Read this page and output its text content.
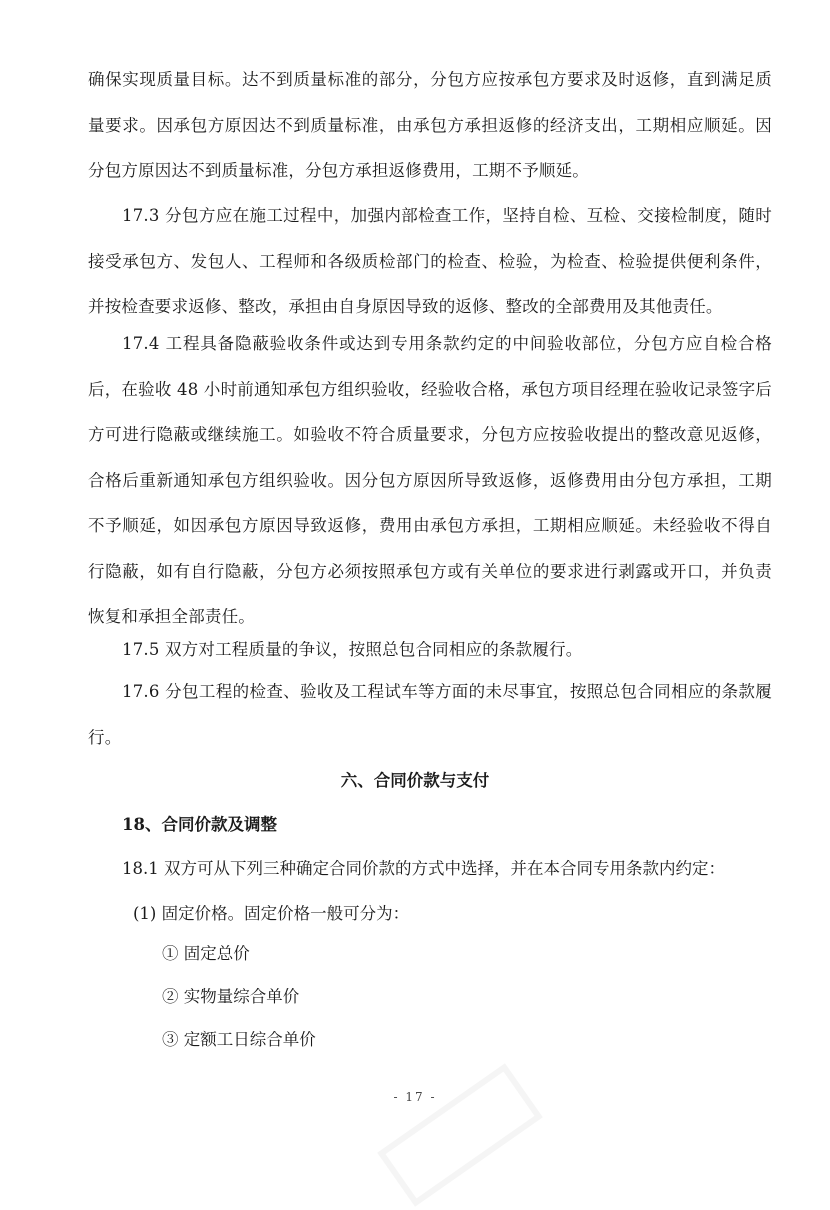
确保实现质量目标。达不到质量标准的部分，分包方应按承包方要求及时返修，直到满足质量要求。因承包方原因达不到质量标准，由承包方承担返修的经济支出，工期相应顺延。因分包方原因达不到质量标准，分包方承担返修费用，工期不予顺延。

17.3 分包方应在施工过程中，加强内部检查工作，坚持自检、互检、交接检制度，随时接受承包方、发包人、工程师和各级质检部门的检查、检验，为检查、检验提供便利条件，并按检查要求返修、整改，承担由自身原因导致的返修、整改的全部费用及其他责任。

17.4 工程具备隐蔽验收条件或达到专用条款约定的中间验收部位，分包方应自检合格后，在验收 48 小时前通知承包方组织验收，经验收合格，承包方项目经理在验收记录签字后方可进行隐蔽或继续施工。如验收不符合质量要求，分包方应按验收提出的整改意见返修，合格后重新通知承包方组织验收。因分包方原因所导致返修，返修费用由分包方承担，工期不予顺延，如因承包方原因导致返修，费用由承包方承担，工期相应顺延。未经验收不得自行隐蔽，如有自行隐蔽，分包方必须按照承包方或有关单位的要求进行剥露或开口，并负责恢复和承担全部责任。

17.5 双方对工程质量的争议，按照总包合同相应的条款履行。

17.6 分包工程的检查、验收及工程试车等方面的未尽事宜，按照总包合同相应的条款履行。

六、合同价款与支付

18、合同价款及调整

18.1 双方可从下列三种确定合同价款的方式中选择，并在本合同专用条款内约定：

(1) 固定价格。固定价格一般可分为：

① 固定总价

② 实物量综合单价

③ 定额工日综合单价

- 17 -
